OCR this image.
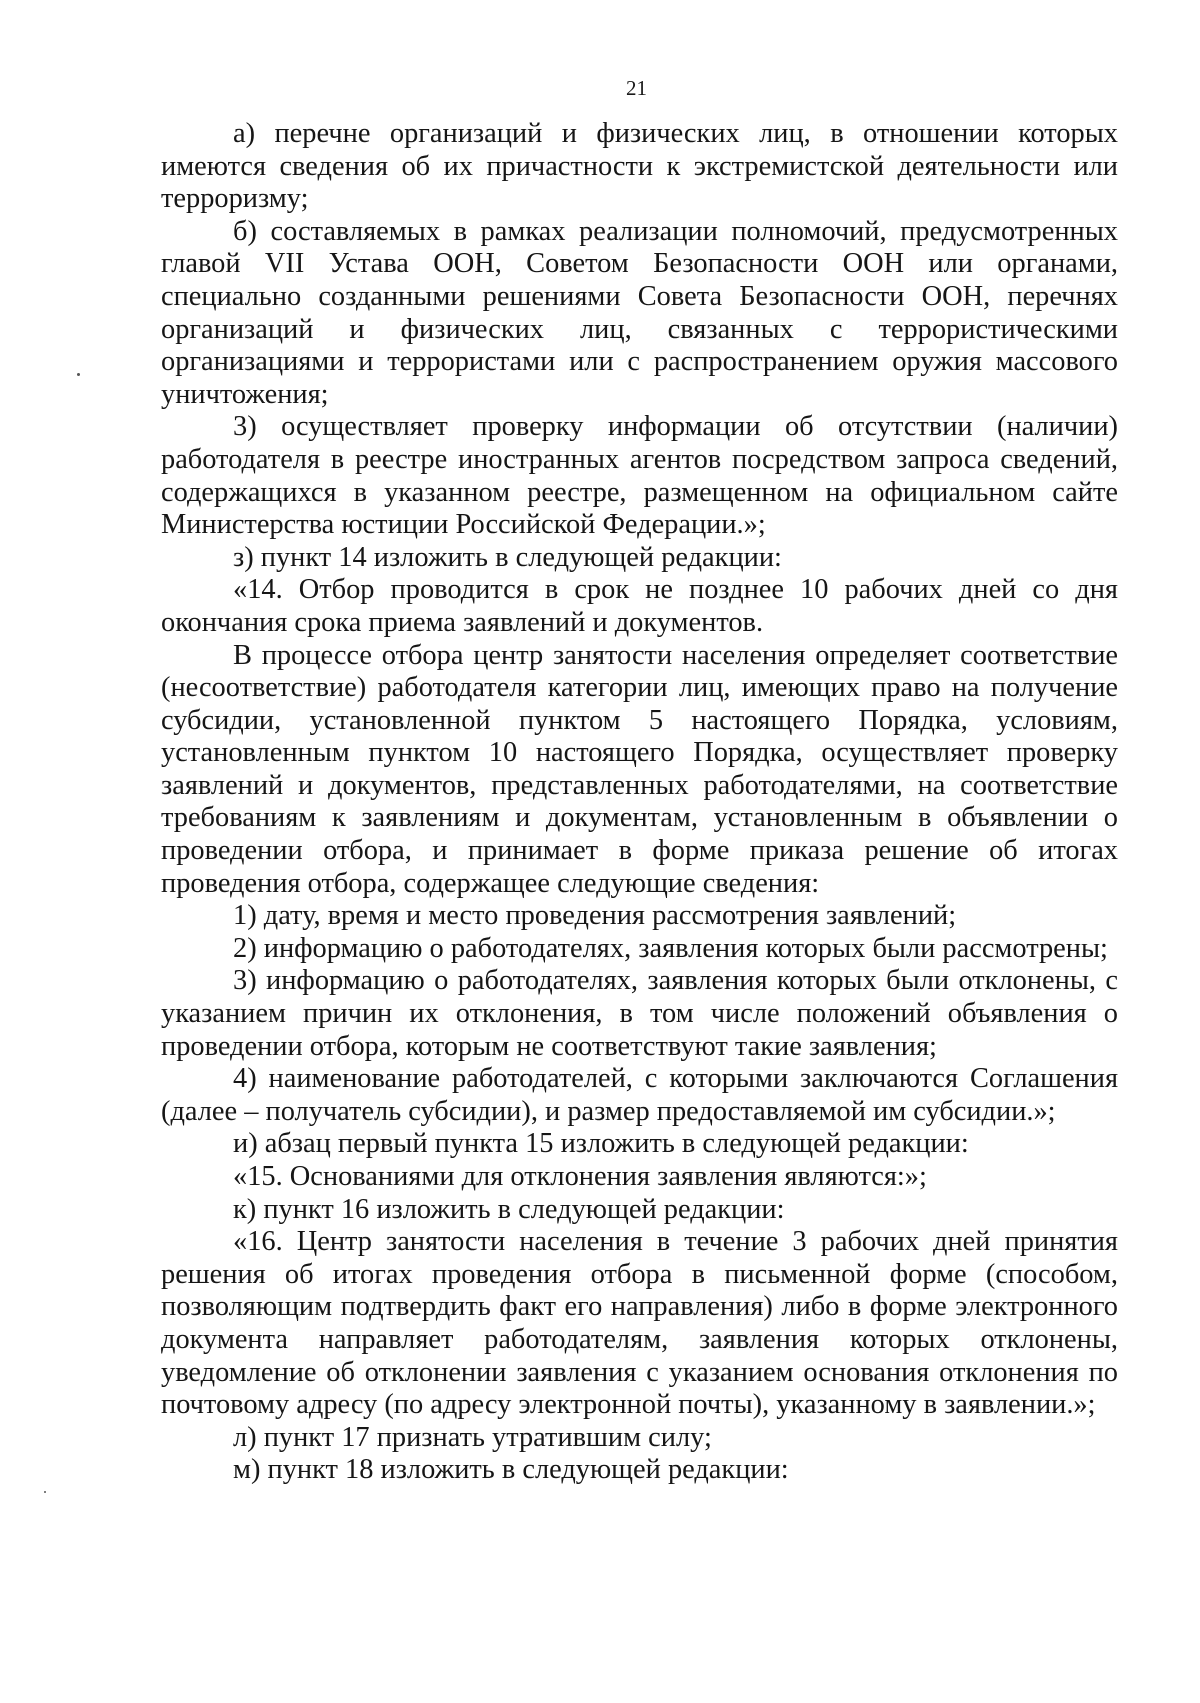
21

а) перечне организаций и физических лиц, в отношении которых имеются сведения об их причастности к экстремистской деятельности или терроризму;

б) составляемых в рамках реализации полномочий, предусмотренных главой VII Устава ООН, Советом Безопасности ООН или органами, специально созданными решениями Совета Безопасности ООН, перечнях организаций и физических лиц, связанных с террористическими организациями и террористами или с распространением оружия массового уничтожения;

3) осуществляет проверку информации об отсутствии (наличии) работодателя в реестре иностранных агентов посредством запроса сведений, содержащихся в указанном реестре, размещенном на официальном сайте Министерства юстиции Российской Федерации.»;

з) пункт 14 изложить в следующей редакции:

«14. Отбор проводится в срок не позднее 10 рабочих дней со дня окончания срока приема заявлений и документов.

В процессе отбора центр занятости населения определяет соответствие (несоответствие) работодателя категории лиц, имеющих право на получение субсидии, установленной пунктом 5 настоящего Порядка, условиям, установленным пунктом 10 настоящего Порядка, осуществляет проверку заявлений и документов, представленных работодателями, на соответствие требованиям к заявлениям и документам, установленным в объявлении о проведении отбора, и принимает в форме приказа решение об итогах проведения отбора, содержащее следующие сведения:

1) дату, время и место проведения рассмотрения заявлений;

2) информацию о работодателях, заявления которых были рассмотрены;

3) информацию о работодателях, заявления которых были отклонены, с указанием причин их отклонения, в том числе положений объявления о проведении отбора, которым не соответствуют такие заявления;

4) наименование работодателей, с которыми заключаются Соглашения (далее – получатель субсидии), и размер предоставляемой им субсидии.»;

и) абзац первый пункта 15 изложить в следующей редакции:

«15. Основаниями для отклонения заявления являются:»;

к) пункт 16 изложить в следующей редакции:

«16. Центр занятости населения в течение 3 рабочих дней принятия решения об итогах проведения отбора в письменной форме (способом, позволяющим подтвердить факт его направления) либо в форме электронного документа направляет работодателям, заявления которых отклонены, уведомление об отклонении заявления с указанием основания отклонения по почтовому адресу (по адресу электронной почты), указанному в заявлении.»;

л) пункт 17 признать утратившим силу;

м) пункт 18 изложить в следующей редакции:
